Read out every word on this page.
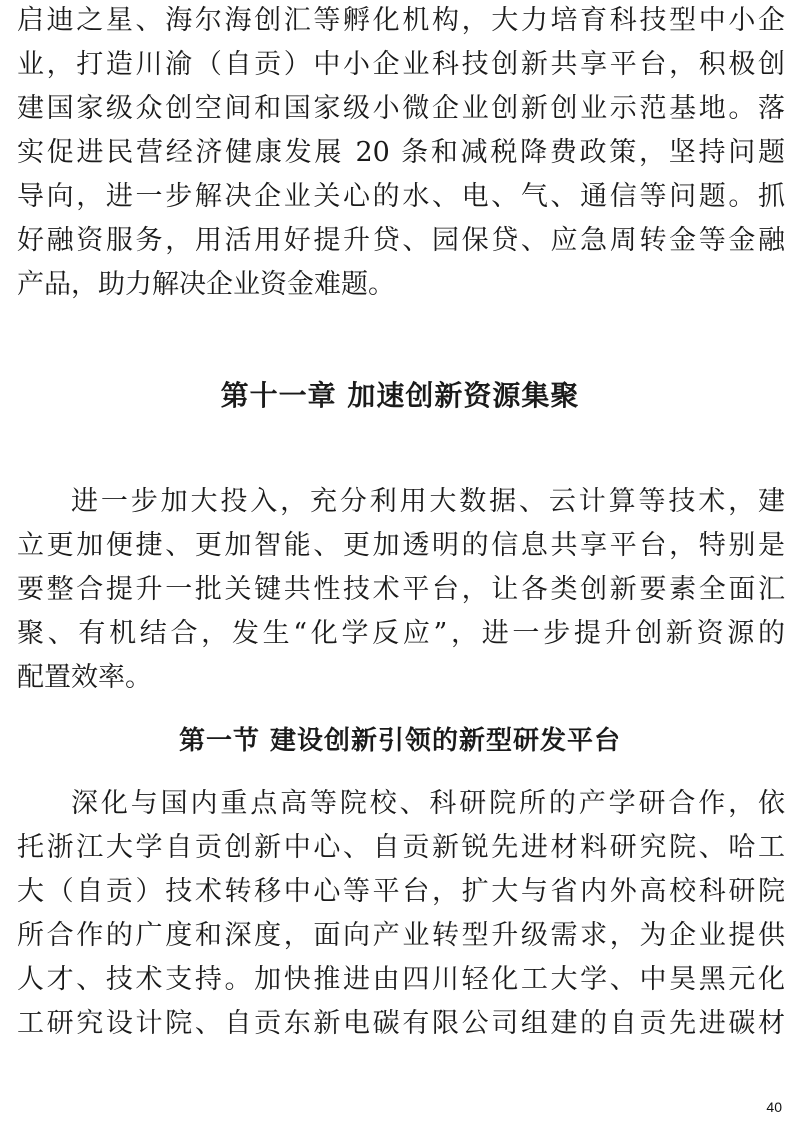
启迪之星、海尔海创汇等孵化机构，大力培育科技型中小企

业，打造川渝（自贡）中小企业科技创新共享平台，积极创

建国家级众创空间和国家级小微企业创新创业示范基地。落

实促进民营经济健康发展 20 条和减税降费政策，坚持问题

导向，进一步解决企业关心的水、电、气、通信等问题。抓

好融资服务，用活用好提升贷、园保贷、应急周转金等金融

产品，助力解决企业资金难题。

第十一章 加速创新资源集聚

进一步加大投入，充分利用大数据、云计算等技术，建

立更加便捷、更加智能、更加透明的信息共享平台，特别是

要整合提升一批关键共性技术平台，让各类创新要素全面汇

聚、有机结合，发生“化学反应”，进一步提升创新资源的

配置效率。

第一节 建设创新引领的新型研发平台

深化与国内重点高等院校、科研院所的产学研合作，依

托浙江大学自贡创新中心、自贡新锐先进材料研究院、哈工

大（自贡）技术转移中心等平台，扩大与省内外高校科研院

所合作的广度和深度，面向产业转型升级需求，为企业提供

人才、技术支持。加快推进由四川轻化工大学、中昊黑元化

工研究设计院、自贡东新电碳有限公司组建的自贡先进碳材

40
